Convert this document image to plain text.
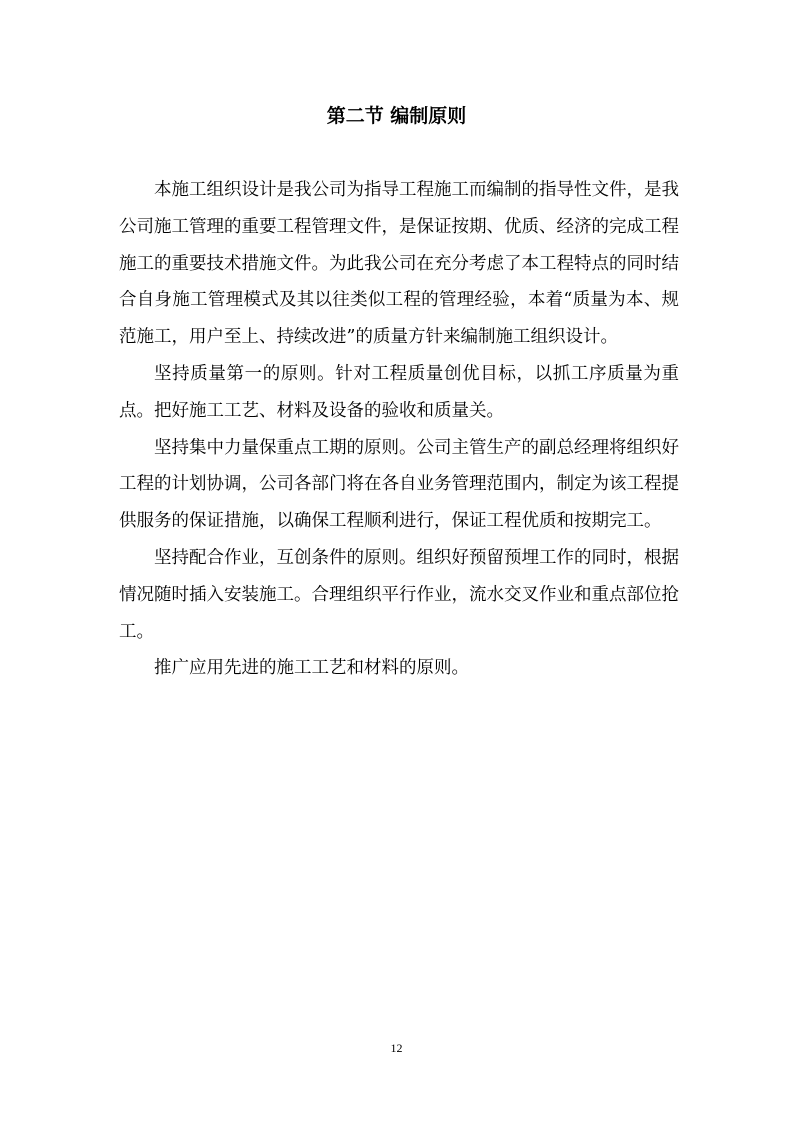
第二节 编制原则

本施工组织设计是我公司为指导工程施工而编制的指导性文件，是我公司施工管理的重要工程管理文件，是保证按期、优质、经济的完成工程施工的重要技术措施文件。为此我公司在充分考虑了本工程特点的同时结合自身施工管理模式及其以往类似工程的管理经验，本着“质量为本、规范施工，用户至上、持续改进”的质量方针来编制施工组织设计。

坚持质量第一的原则。针对工程质量创优目标，以抓工序质量为重点。把好施工工艺、材料及设备的验收和质量关。

坚持集中力量保重点工期的原则。公司主管生产的副总经理将组织好工程的计划协调，公司各部门将在各自业务管理范围内，制定为该工程提供服务的保证措施，以确保工程顺利进行，保证工程优质和按期完工。

坚持配合作业，互创条件的原则。组织好预留预埋工作的同时，根据情况随时插入安装施工。合理组织平行作业，流水交叉作业和重点部位抢工。

推广应用先进的施工工艺和材料的原则。

12
